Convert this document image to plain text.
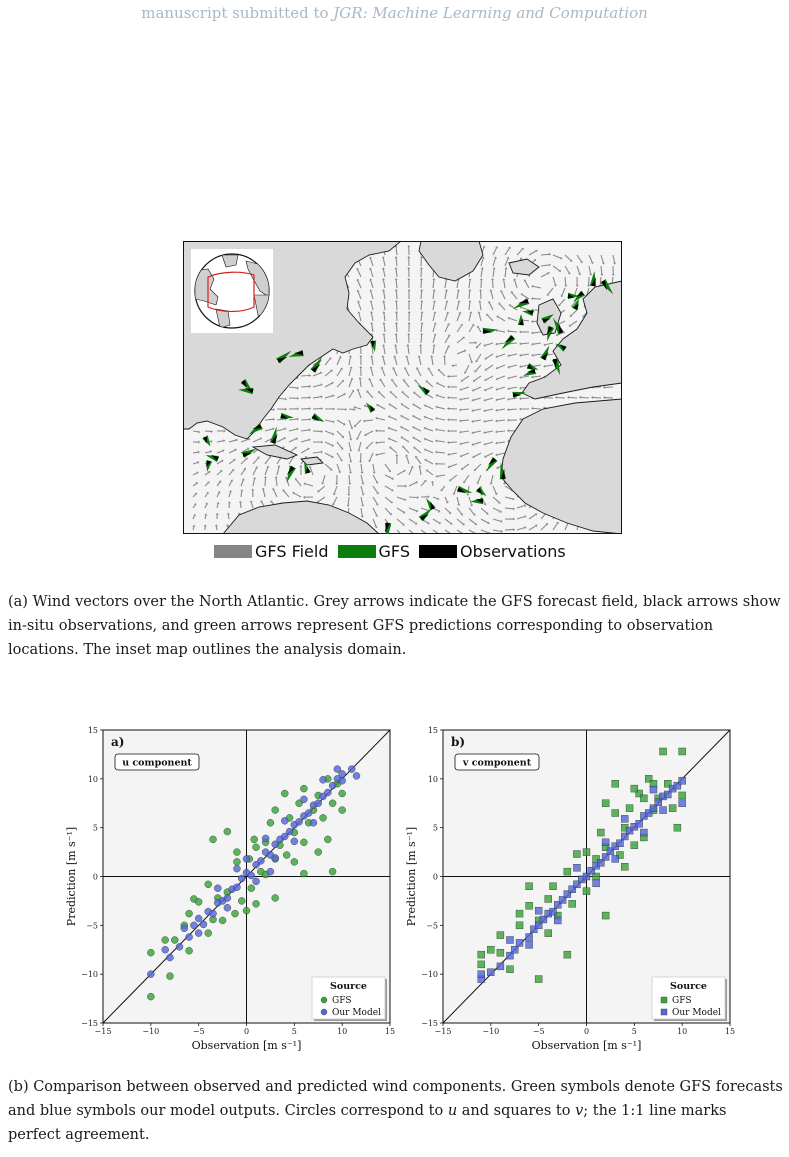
manuscript submitted to JGR: Machine Learning and Computation
GFS Field	GFS	Observations
(a) Wind vectors over the North Atlantic. Grey arrows indicate the GFS forecast field, black arrows show in-situ observations, and green arrows represent GFS predictions corresponding to observation locations. The inset map outlines the analysis domain.
−15	−10	−5	0	5	10	15
−15
−10
−5
0
5
10
15
Observation [m s⁻¹]
Prediction [m s⁻¹]
a)
u component
Source
GFS
Our Model
−15	−10	−5	0	5	10	15
−15
−10
−5
0
5
10
15
Observation [m s⁻¹]
Prediction [m s⁻¹]
b)
v component
Source
GFS
Our Model
(b) Comparison between observed and predicted wind components. Green symbols denote GFS forecasts and blue symbols our model outputs. Circles correspond to u and squares to v; the 1:1 line marks perfect agreement.
